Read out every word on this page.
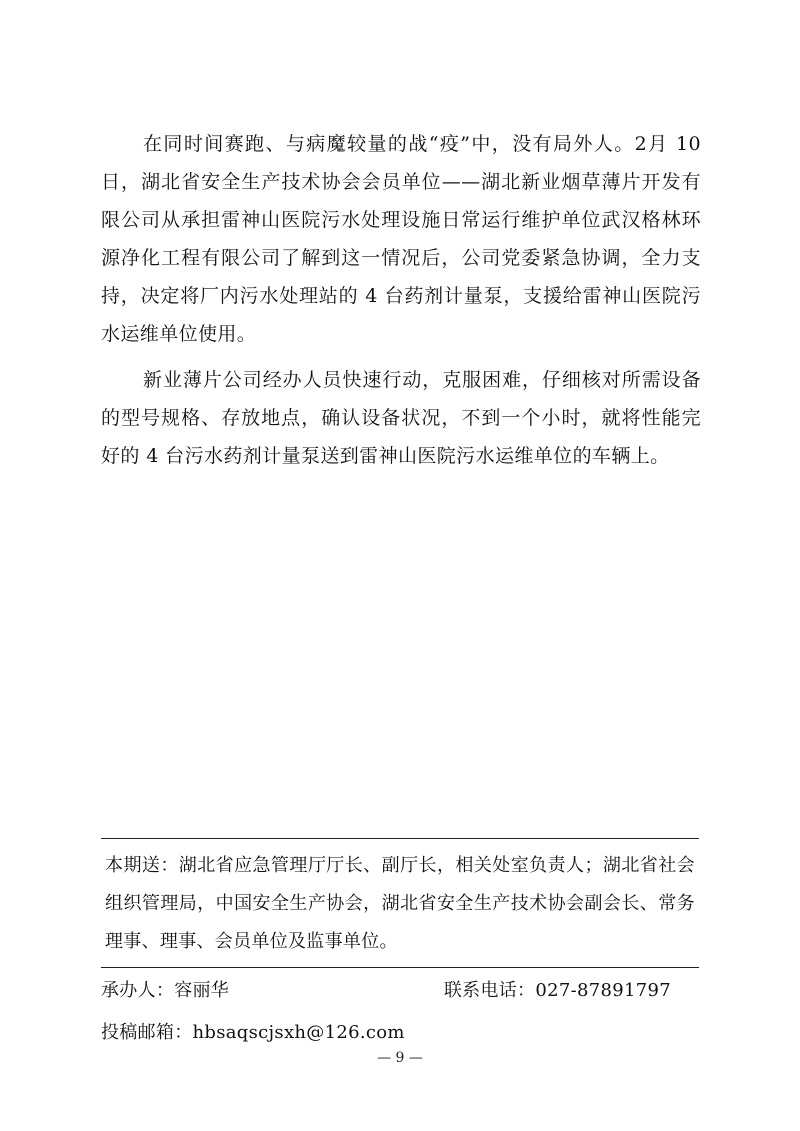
在同时间赛跑、与病魔较量的战“疫”中，没有局外人。2月 10日，湖北省安全生产技术协会会员单位——湖北新业烟草薄片开发有限公司从承担雷神山医院污水处理设施日常运行维护单位武汉格林环源净化工程有限公司了解到这一情况后，公司党委紧急协调，全力支持，决定将厂内污水处理站的 4 台药剂计量泵，支援给雷神山医院污水运维单位使用。

新业薄片公司经办人员快速行动，克服困难，仔细核对所需设备的型号规格、存放地点，确认设备状况，不到一个小时，就将性能完好的 4 台污水药剂计量泵送到雷神山医院污水运维单位的车辆上。

本期送：湖北省应急管理厅厅长、副厅长，相关处室负责人；湖北省社会组织管理局，中国安全生产协会，湖北省安全生产技术协会副会长、常务理事、理事、会员单位及监事单位。

承办人：容丽华	联系电话：027-87891797
投稿邮箱：hbsaqscjsxh@126.com
— 9 —
